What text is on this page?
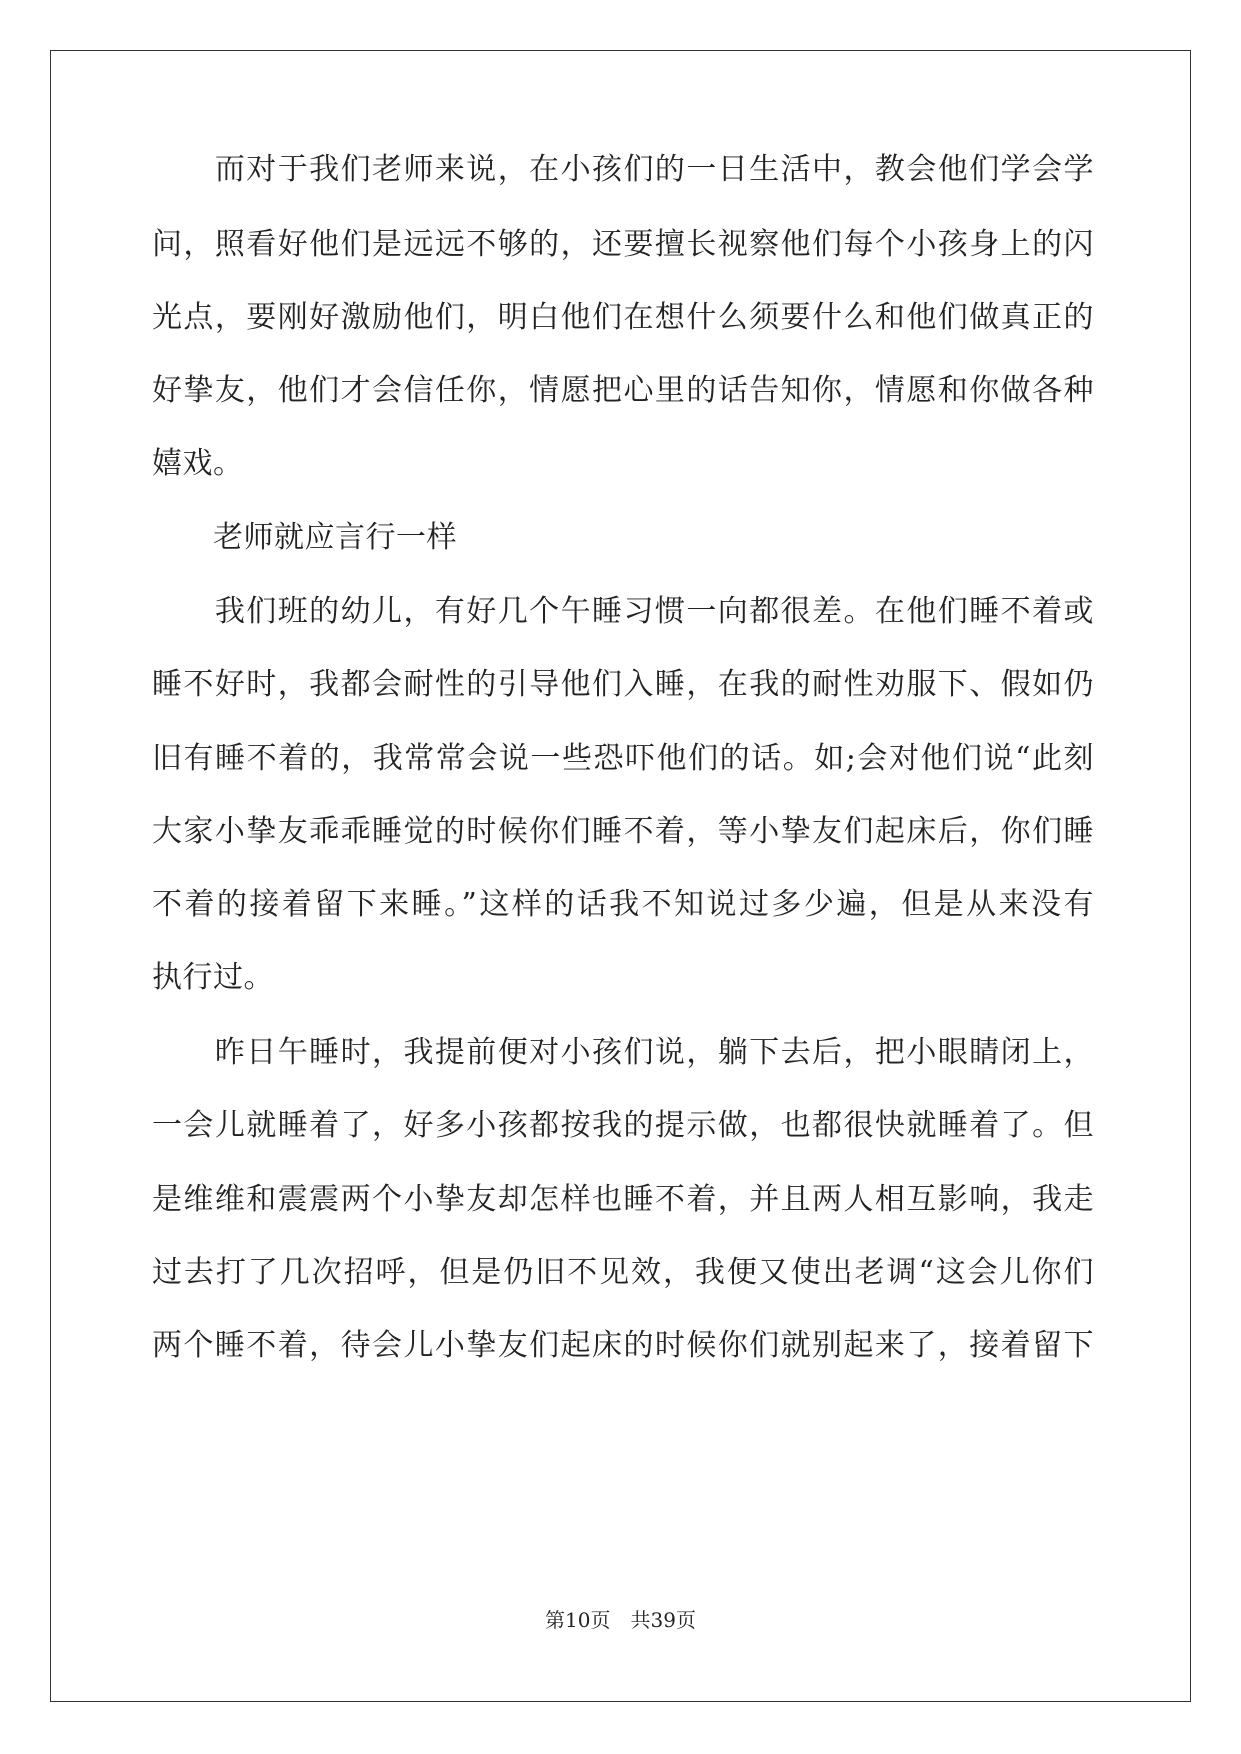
　　而对于我们老师来说，在小孩们的一日生活中，教会他们学会学
问，照看好他们是远远不够的，还要擅长视察他们每个小孩身上的闪
光点，要刚好激励他们，明白他们在想什么须要什么和他们做真正的
好挚友，他们才会信任你，情愿把心里的话告知你，情愿和你做各种
嬉戏。
　　老师就应言行一样
　　我们班的幼儿，有好几个午睡习惯一向都很差。在他们睡不着或
睡不好时，我都会耐性的引导他们入睡，在我的耐性劝服下、假如仍
旧有睡不着的，我常常会说一些恐吓他们的话。如;会对他们说“此刻
大家小挚友乖乖睡觉的时候你们睡不着，等小挚友们起床后，你们睡
不着的接着留下来睡。”这样的话我不知说过多少遍，但是从来没有
执行过。
　　昨日午睡时，我提前便对小孩们说，躺下去后，把小眼睛闭上，
一会儿就睡着了，好多小孩都按我的提示做，也都很快就睡着了。但
是维维和震震两个小挚友却怎样也睡不着，并且两人相互影响，我走
过去打了几次招呼，但是仍旧不见效，我便又使出老调“这会儿你们
两个睡不着，待会儿小挚友们起床的时候你们就别起来了，接着留下
第10页　共39页
